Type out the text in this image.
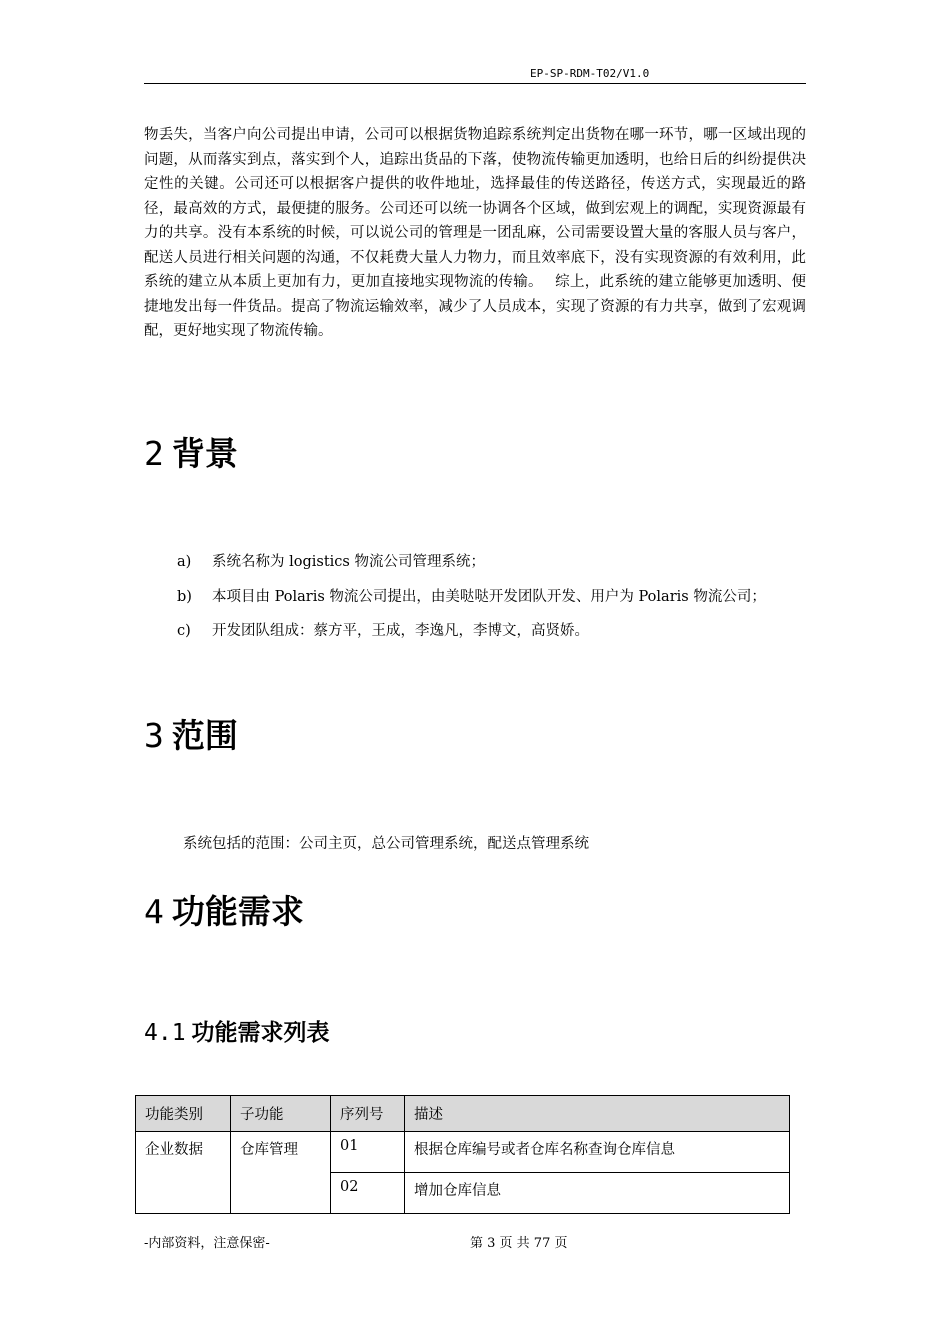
EP-SP-RDM-T02/V1.0

物丢失，当客户向公司提出申请，公司可以根据货物追踪系统判定出货物在哪一环节，哪一区域出现的问题，从而落实到点，落实到个人，追踪出货品的下落，使物流传输更加透明，也给日后的纠纷提供决定性的关键。公司还可以根据客户提供的收件地址，选择最佳的传送路径，传送方式，实现最近的路径，最高效的方式，最便捷的服务。公司还可以统一协调各个区域，做到宏观上的调配，实现资源最有力的共享。没有本系统的时候，可以说公司的管理是一团乱麻，公司需要设置大量的客服人员与客户，配送人员进行相关问题的沟通，不仅耗费大量人力物力，而且效率底下，没有实现资源的有效利用，此系统的建立从本质上更加有力，更加直接地实现物流的传输。　 综上，此系统的建立能够更加透明、便捷地发出每一件货品。提高了物流运输效率，减少了人员成本，实现了资源的有力共享，做到了宏观调配，更好地实现了物流传输。

2 背景
a) 系统名称为 logistics 物流公司管理系统；
b) 本项目由 Polaris 物流公司提出，由美哒哒开发团队开发、用户为 Polaris 物流公司；
c) 开发团队组成：蔡方平，王成，李逸凡，李博文，高贤娇。
3 范围

系统包括的范围：公司主页，总公司管理系统，配送点管理系统

4 功能需求
4.1 功能需求列表
功能类别	子功能	序列号	描述
企业数据	仓库管理	01	根据仓库编号或者仓库名称查询仓库信息
		02	增加仓库信息
-内部资料，注意保密-	第 3 页 共 77 页
